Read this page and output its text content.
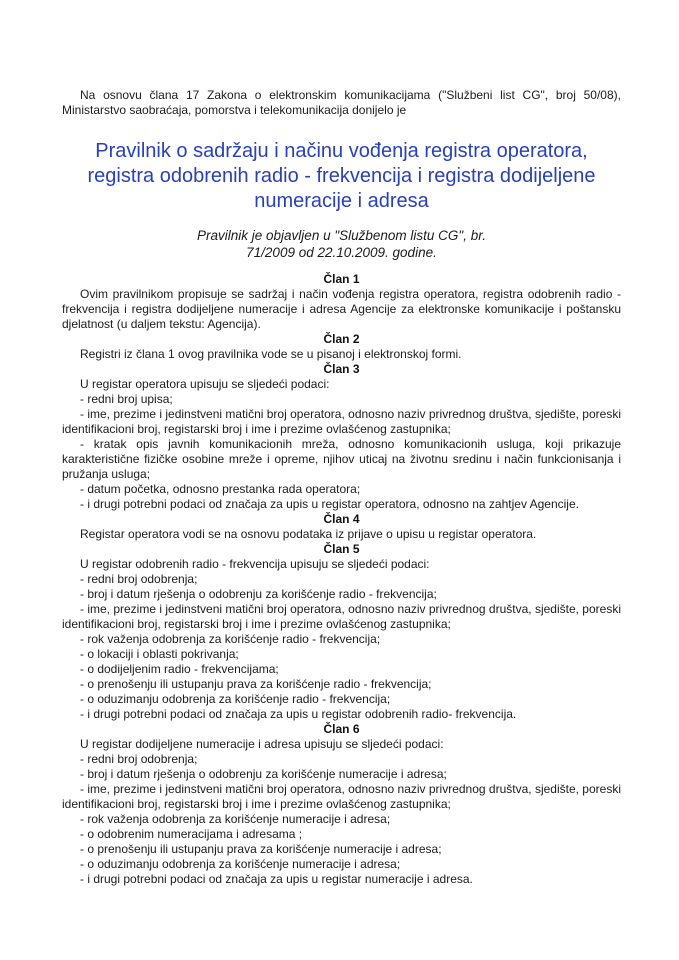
Na osnovu člana 17 Zakona o elektronskim komunikacijama ("Službeni list CG", broj 50/08), Ministarstvo saobraćaja, pomorstva i telekomunikacija donijelo je

Pravilnik o sadržaju i načinu vođenja registra operatora,
registra odobrenih radio - frekvencija i registra dodijeljene
numeracije i adresa
Pravilnik je objavljen u "Službenom listu CG", br.
71/2009 od 22.10.2009. godine.
Član 1

Ovim pravilnikom propisuje se sadržaj i način vođenja registra operatora, registra odobrenih radio - frekvencija i registra dodijeljene numeracije i adresa Agencije za elektronske komunikacije i poštansku djelatnost (u daljem tekstu: Agencija).

Član 2

Registri iz člana 1 ovog pravilnika vode se u pisanoj i elektronskoj formi.

Član 3

U registar operatora upisuju se sljedeći podaci:

- redni broj upisa;

- ime, prezime i jedinstveni matični broj operatora, odnosno naziv privrednog društva, sjedište, poreski identifikacioni broj, registarski broj i ime i prezime ovlašćenog zastupnika;

- kratak opis javnih komunikacionih mreža, odnosno komunikacionih usluga, koji prikazuje karakteristične fizičke osobine mreže i opreme, njihov uticaj na životnu sredinu i način funkcionisanja i pružanja usluga;

- datum početka, odnosno prestanka rada operatora;

- i drugi potrebni podaci od značaja za upis u registar operatora, odnosno na zahtjev Agencije.

Član 4

Registar operatora vodi se na osnovu podataka iz prijave o upisu u registar operatora.

Član 5

U registar odobrenih radio - frekvencija upisuju se sljedeći podaci:

- redni broj odobrenja;

- broj i datum rješenja o odobrenju za korišćenje radio - frekvencija;

- ime, prezime i jedinstveni matični broj operatora, odnosno naziv privrednog društva, sjedište, poreski identifikacioni broj, registarski broj i ime i prezime ovlašćenog zastupnika;

- rok važenja odobrenja za korišćenje radio - frekvencija;

- o lokaciji i oblasti pokrivanja;

- o dodijeljenim radio - frekvencijama;

- o prenošenju ili ustupanju prava za korišćenje radio - frekvencija;

- o oduzimanju odobrenja za korišćenje radio - frekvencija;

- i drugi potrebni podaci od značaja za upis u registar odobrenih radio- frekvencija.

Član 6

U registar dodijeljene numeracije i adresa upisuju se sljedeći podaci:

- redni broj odobrenja;

- broj i datum rješenja o odobrenju za korišćenje numeracije i adresa;

- ime, prezime i jedinstveni matični broj operatora, odnosno naziv privrednog društva, sjedište, poreski identifikacioni broj, registarski broj i ime i prezime ovlašćenog zastupnika;

- rok važenja odobrenja za korišćenje numeracije i adresa;

- o odobrenim numeracijama i adresama ;

- o prenošenju ili ustupanju prava za korišćenje numeracije i adresa;

- o oduzimanju odobrenja za korišćenje numeracije i adresa;

- i drugi potrebni podaci od značaja za upis u registar numeracije i adresa.
